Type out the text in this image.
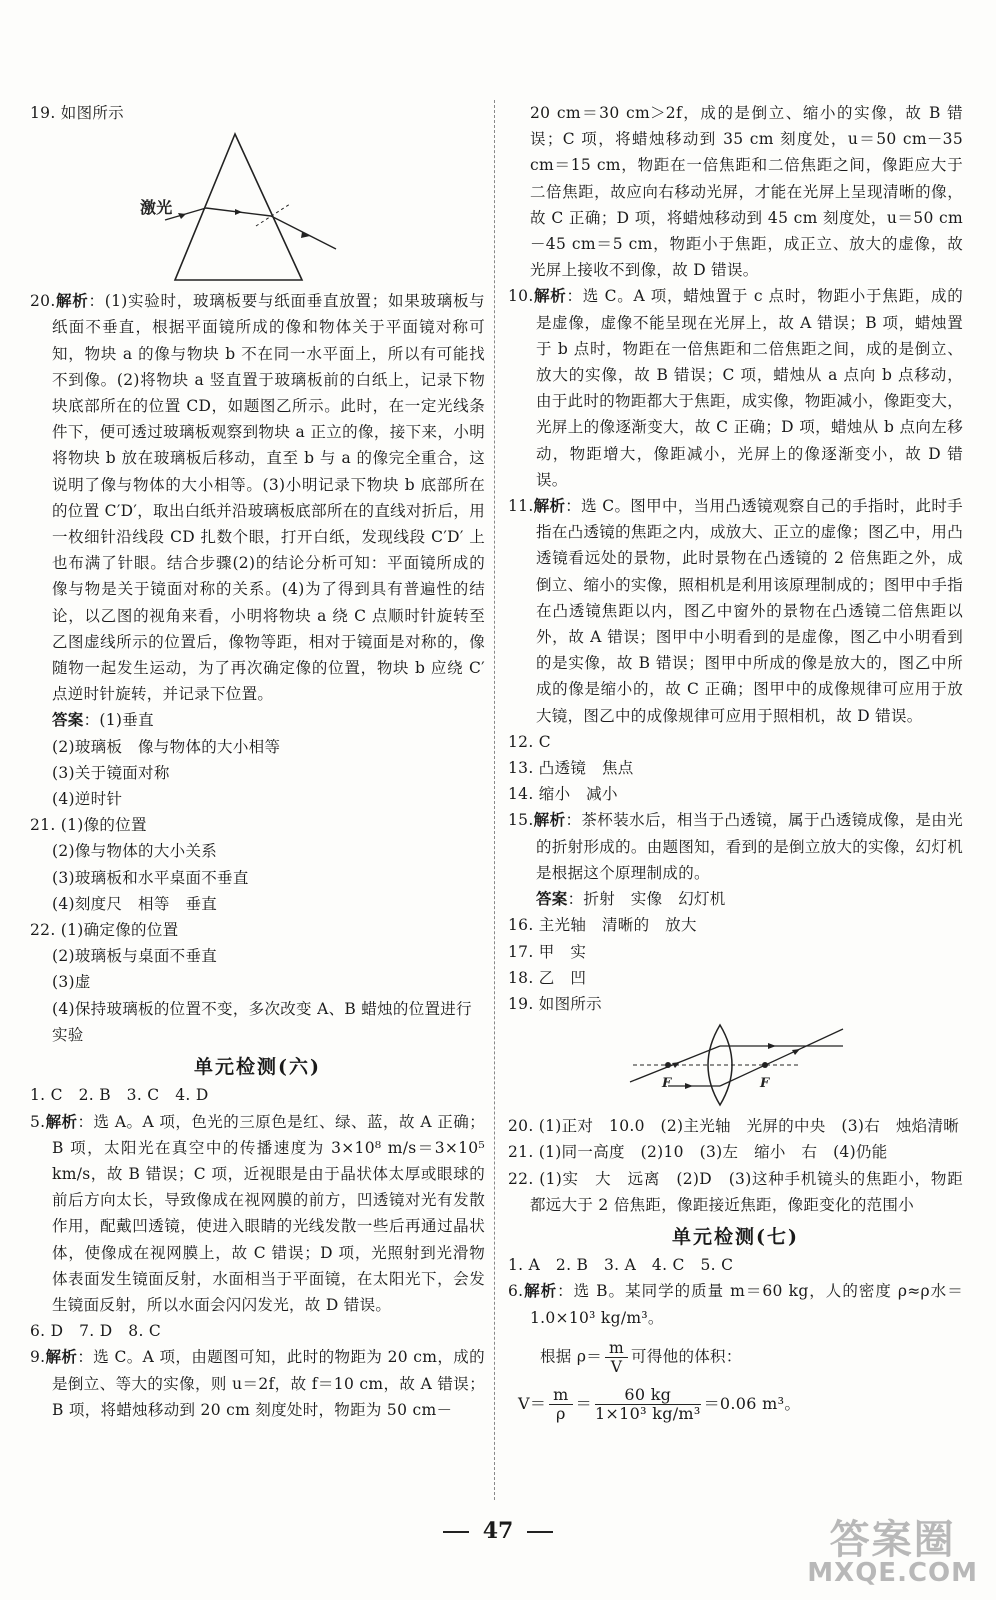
19. 如图所示

激光

20.解析：(1)实验时，玻璃板要与纸面垂直放置；如果玻璃板与纸面不垂直，根据平面镜所成的像和物体关于平面镜对称可知，物块 a 的像与物块 b 不在同一水平面上，所以有可能找不到像。(2)将物块 a 竖直置于玻璃板前的白纸上，记录下物块底部所在的位置 CD，如题图乙所示。此时，在一定光线条件下，便可透过玻璃板观察到物块 a 正立的像，接下来，小明将物块 b 放在玻璃板后移动，直至 b 与 a 的像完全重合，这说明了像与物体的大小相等。(3)小明记录下物块 b 底部所在的位置 C′D′，取出白纸并沿玻璃板底部所在的直线对折后，用一枚细针沿线段 CD 扎数个眼，打开白纸，发现线段 C′D′ 上也布满了针眼。结合步骤(2)的结论分析可知：平面镜所成的像与物是关于镜面对称的关系。(4)为了得到具有普遍性的结论，以乙图的视角来看，小明将物块 a 绕 C 点顺时针旋转至乙图虚线所示的位置后，像物等距，相对于镜面是对称的，像随物一起发生运动，为了再次确定像的位置，物块 b 应绕 C′ 点逆时针旋转，并记录下位置。

答案：(1)垂直

(2)玻璃板　像与物体的大小相等

(3)关于镜面对称

(4)逆时针

21. (1)像的位置

(2)像与物体的大小关系

(3)玻璃板和水平桌面不垂直

(4)刻度尺　相等　垂直

22. (1)确定像的位置

(2)玻璃板与桌面不垂直

(3)虚

(4)保持玻璃板的位置不变，多次改变 A、B 蜡烛的位置进行实验

单元检测(六)

1. C　2. B　3. C　4. D

5.解析：选 A。A 项，色光的三原色是红、绿、蓝，故 A 正确；B 项，太阳光在真空中的传播速度为 3×10⁸ m/s＝3×10⁵ km/s，故 B 错误；C 项，近视眼是由于晶状体太厚或眼球的前后方向太长，导致像成在视网膜的前方，凹透镜对光有发散作用，配戴凹透镜，使进入眼睛的光线发散一些后再通过晶状体，使像成在视网膜上，故 C 错误；D 项，光照射到光滑物体表面发生镜面反射，水面相当于平面镜，在太阳光下，会发生镜面反射，所以水面会闪闪发光，故 D 错误。

6. D　7. D　8. C

9.解析：选 C。A 项，由题图可知，此时的物距为 20 cm，成的是倒立、等大的实像，则 u＝2f，故 f＝10 cm，故 A 错误；B 项，将蜡烛移动到 20 cm 刻度处时，物距为 50 cm－

20 cm＝30 cm＞2f，成的是倒立、缩小的实像，故 B 错误；C 项，将蜡烛移动到 35 cm 刻度处，u＝50 cm－35 cm＝15 cm，物距在一倍焦距和二倍焦距之间，像距应大于二倍焦距，故应向右移动光屏，才能在光屏上呈现清晰的像，故 C 正确；D 项，将蜡烛移动到 45 cm 刻度处，u＝50 cm－45 cm＝5 cm，物距小于焦距，成正立、放大的虚像，故光屏上接收不到像，故 D 错误。

10.解析：选 C。A 项，蜡烛置于 c 点时，物距小于焦距，成的是虚像，虚像不能呈现在光屏上，故 A 错误；B 项，蜡烛置于 b 点时，物距在一倍焦距和二倍焦距之间，成的是倒立、放大的实像，故 B 错误；C 项，蜡烛从 a 点向 b 点移动，由于此时的物距都大于焦距，成实像，物距减小，像距变大，光屏上的像逐渐变大，故 C 正确；D 项，蜡烛从 b 点向左移动，物距增大，像距减小，光屏上的像逐渐变小，故 D 错误。

11.解析：选 C。图甲中，当用凸透镜观察自己的手指时，此时手指在凸透镜的焦距之内，成放大、正立的虚像；图乙中，用凸透镜看远处的景物，此时景物在凸透镜的 2 倍焦距之外，成倒立、缩小的实像，照相机是利用该原理制成的；图甲中手指在凸透镜焦距以内，图乙中窗外的景物在凸透镜二倍焦距以外，故 A 错误；图甲中小明看到的是虚像，图乙中小明看到的是实像，故 B 错误；图甲中所成的像是放大的，图乙中所成的像是缩小的，故 C 正确；图甲中的成像规律可应用于放大镜，图乙中的成像规律可应用于照相机，故 D 错误。

12. C

13. 凸透镜　焦点

14. 缩小　减小

15.解析：茶杯装水后，相当于凸透镜，属于凸透镜成像，是由光的折射形成的。由题图知，看到的是倒立放大的实像，幻灯机是根据这个原理制成的。

答案：折射　实像　幻灯机

16. 主光轴　清晰的　放大

17. 甲　实

18. 乙　凹

19. 如图所示

F	F

20. (1)正对　10.0　(2)主光轴　光屏的中央　(3)右　烛焰清晰

21. (1)同一高度　(2)10　(3)左　缩小　右　(4)仍能

22. (1)实　大　远离　(2)D　(3)这种手机镜头的焦距小，物距都远大于 2 倍焦距，像距接近焦距，像距变化的范围小

单元检测(七)

1. A　2. B　3. A　4. C　5. C

6.解析：选 B。某同学的质量 m＝60 kg，人的密度 ρ≈ρ水＝1.0×10³ kg/m³。

根据 $\rho= \frac{m}{V}$ 可得他的体积：
$V= \frac{m}{\rho} = \frac{60 kg}{\text{1×10³ kg/m³}} =0.06$ m³。
47	答案圈
MXQE.COM
